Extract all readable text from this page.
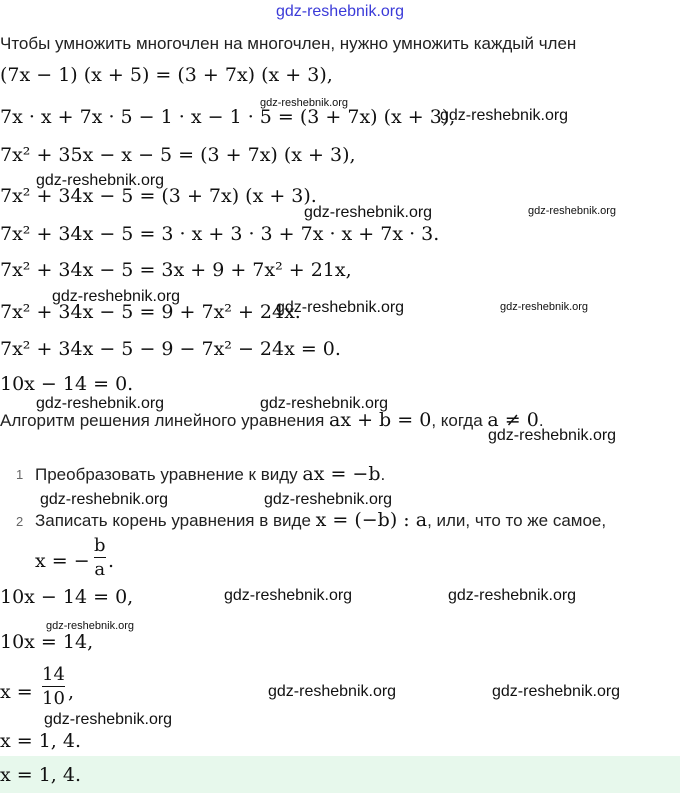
gdz-reshebnik.org
Чтобы умножить многочлен на многочлен, нужно умножить каждый член
(7x − 1) (x + 5) = (3 + 7x) (x + 3),
7x · x + 7x · 5 − 1 · x − 1 · 5 = (3 + 7x) (x + 3),
7x² + 35x − x − 5 = (3 + 7x) (x + 3),
7x² + 34x − 5 = (3 + 7x) (x + 3).
7x² + 34x − 5 = 3 · x + 3 · 3 + 7x · x + 7x · 3.
7x² + 34x − 5 = 3x + 9 + 7x² + 21x,
7x² + 34x − 5 = 9 + 7x² + 24x.
7x² + 34x − 5 − 9 − 7x² − 24x = 0.
10x − 14 = 0.
Алгоритм решения линейного уравнения ax + b = 0, когда a ≠ 0.
1 Преобразовать уравнение к виду ax = −b.
2 Записать корень уравнения в виде x = (−b) : a, или, что то же самое,
x = −
b
a .
10x − 14 = 0,
10x = 14,
x =
14
10 ,
x = 1, 4.
x = 1, 4.
gdz-reshebnik.org
gdz-reshebnik.org
gdz-reshebnik.org
gdz-reshebnik.org	gdz-reshebnik.org
gdz-reshebnik.org
gdz-reshebnik.org	gdz-reshebnik.org
gdz-reshebnik.org	gdz-reshebnik.org
gdz-reshebnik.org
gdz-reshebnik.org	gdz-reshebnik.org
gdz-reshebnik.org	gdz-reshebnik.org
gdz-reshebnik.org
gdz-reshebnik.org	gdz-reshebnik.org
gdz-reshebnik.org
